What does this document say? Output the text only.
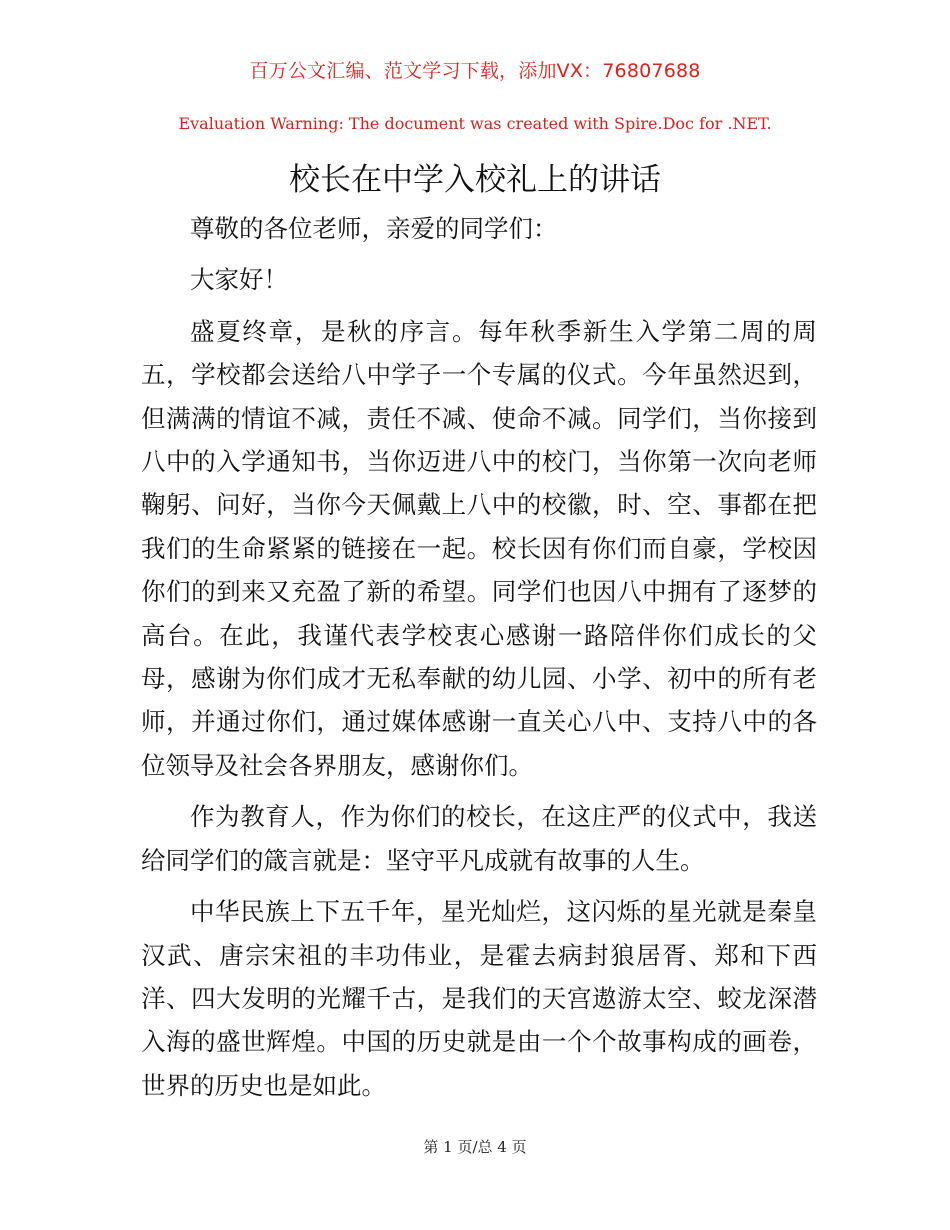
百万公文汇编、范文学习下载，添加VX：76807688
Evaluation Warning: The document was created with Spire.Doc for .NET.
校长在中学入校礼上的讲话

尊敬的各位老师，亲爱的同学们：

大家好！

盛夏终章，是秋的序言。每年秋季新生入学第二周的周五，学校都会送给八中学子一个专属的仪式。今年虽然迟到，但满满的情谊不减，责任不减、使命不减。同学们，当你接到八中的入学通知书，当你迈进八中的校门，当你第一次向老师鞠躬、问好，当你今天佩戴上八中的校徽，时、空、事都在把我们的生命紧紧的链接在一起。校长因有你们而自豪，学校因你们的到来又充盈了新的希望。同学们也因八中拥有了逐梦的高台。在此，我谨代表学校衷心感谢一路陪伴你们成长的父母，感谢为你们成才无私奉献的幼儿园、小学、初中的所有老师，并通过你们，通过媒体感谢一直关心八中、支持八中的各位领导及社会各界朋友，感谢你们。

作为教育人，作为你们的校长，在这庄严的仪式中，我送给同学们的箴言就是：坚守平凡成就有故事的人生。

中华民族上下五千年，星光灿烂，这闪烁的星光就是秦皇汉武、唐宗宋祖的丰功伟业，是霍去病封狼居胥、郑和下西洋、四大发明的光耀千古，是我们的天宫遨游太空、蛟龙深潜入海的盛世辉煌。中国的历史就是由一个个故事构成的画卷，世界的历史也是如此。

第 1 页/总 4 页
